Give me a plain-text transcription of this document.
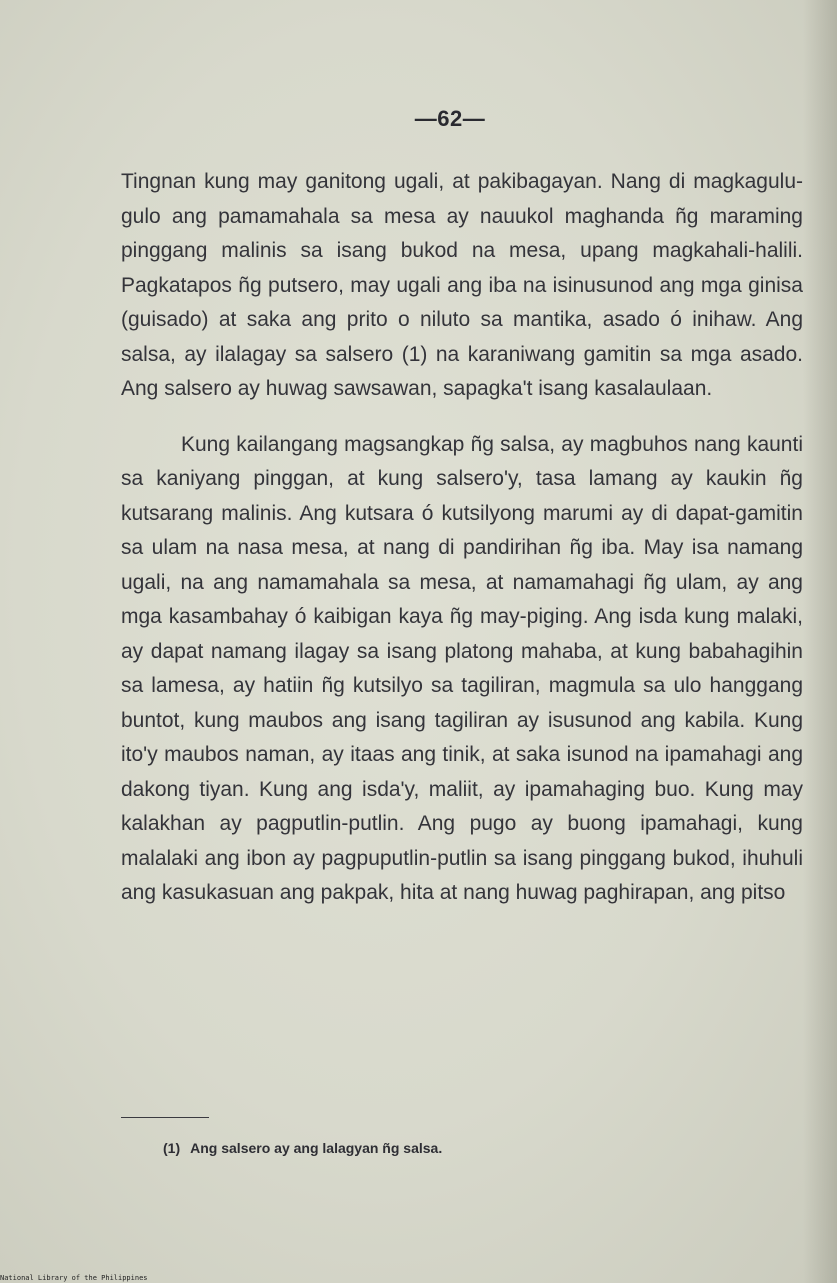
—62—

Tingnan kung may ganitong ugali, at pakibagayan. Nang di magkagulu-gulo ang pamamahala sa mesa ay nauukol maghanda ñg maraming pinggang malinis sa isang bukod na mesa, upang magkahali-halili. Pagkatapos ñg putsero, may ugali ang iba na isinusunod ang mga ginisa (guisado) at saka ang prito o niluto sa mantika, asado ó inihaw. Ang salsa, ay ilalagay sa salsero (1) na karaniwang gamitin sa mga asado. Ang salsero ay huwag sawsawan, sapagka't isang kasalaulaan.

Kung kailangang magsangkap ñg salsa, ay magbuhos nang kaunti sa kaniyang pinggan, at kung salsero'y, tasa lamang ay kaukin ñg kutsarang malinis. Ang kutsara ó kutsilyong marumi ay di dapat-gamitin sa ulam na nasa mesa, at nang di pandirihan ñg iba. May isa namang ugali, na ang namamahala sa mesa, at namamahagi ñg ulam, ay ang mga kasambahay ó kaibigan kaya ñg may-piging. Ang isda kung malaki, ay dapat namang ilagay sa isang platong mahaba, at kung babahagihin sa lamesa, ay hatiin ñg kutsilyo sa tagiliran, magmula sa ulo hanggang buntot, kung maubos ang isang tagiliran ay isusunod ang kabila. Kung ito'y maubos naman, ay itaas ang tinik, at saka isunod na ipamahagi ang dakong tiyan. Kung ang isda'y, maliit, ay ipamahaging buo. Kung may kalakhan ay pagputlin-putlin. Ang pugo ay buong ipamahagi, kung malalaki ang ibon ay pagpuputlin-putlin sa isang pinggang bukod, ihuhuli ang kasukasuan ang pakpak, hita at nang huwag paghirapan, ang pitso

(1) Ang salsero ay ang lalagyan ñg salsa.
National Library of the Philippines
